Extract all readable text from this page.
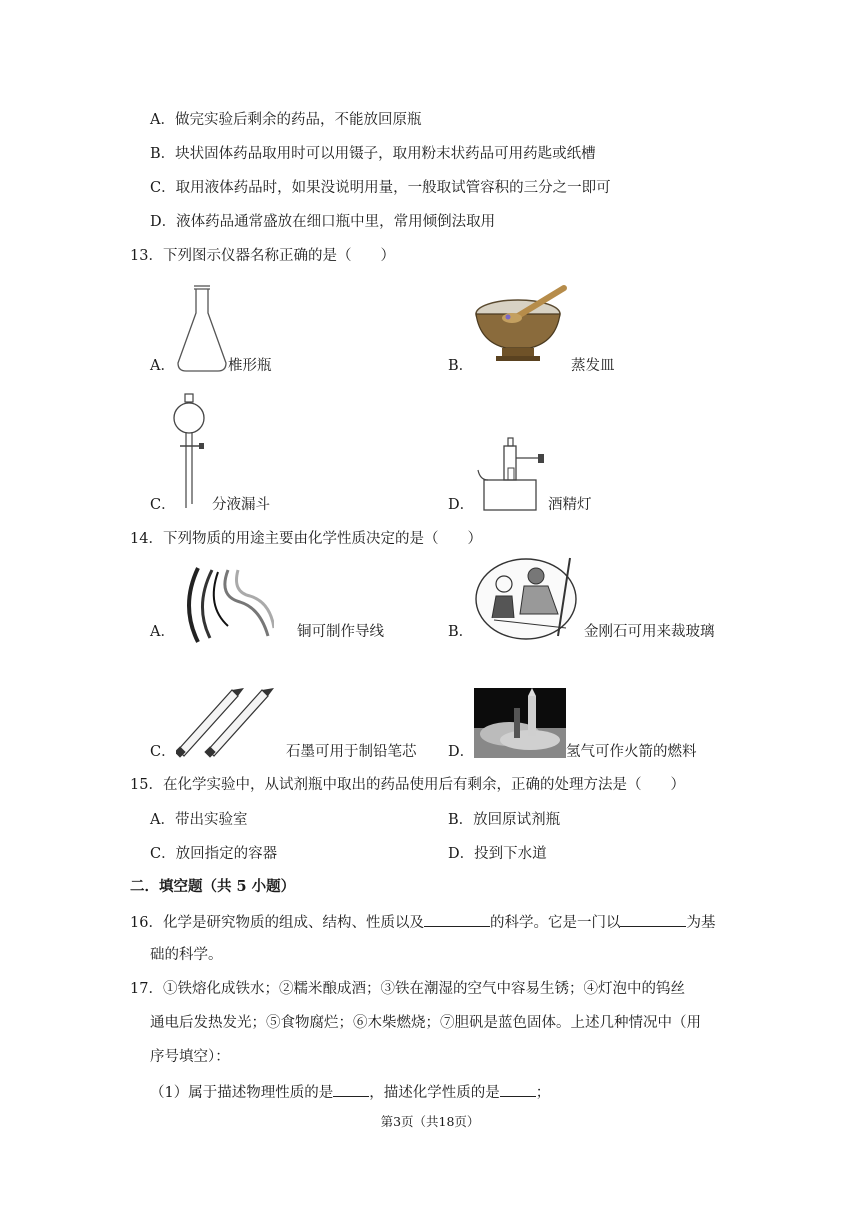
A．做完实验后剩余的药品，不能放回原瓶
B．块状固体药品取用时可以用镊子，取用粉末状药品可用药匙或纸槽
C．取用液体药品时，如果没说明用量，一般取试管容积的三分之一即可
D．液体药品通常盛放在细口瓶中里，常用倾倒法取用
13．下列图示仪器名称正确的是（　　）
A．	椎形瓶	B．	蒸发皿
C．	分液漏斗	D．	酒精灯
14．下列物质的用途主要由化学性质决定的是（　　）
A．	铜可制作导线	B．	金刚石可用来裁玻璃
C．	石墨可用于制铅笔芯 D．	氢气可作火箭的燃料
15．在化学实验中，从试剂瓶中取出的药品使用后有剩余，正确的处理方法是（　　）
A．带出实验室	B．放回原试剂瓶
C．放回指定的容器	D．投到下水道
二．填空题（共 5 小题）
16．化学是研究物质的组成、结构、性质以及	的科学。它是一门以	为基
础的科学。
17．①铁熔化成铁水；②糯米酿成酒；③铁在潮湿的空气中容易生锈；④灯泡中的钨丝
通电后发热发光；⑤食物腐烂；⑥木柴燃烧；⑦胆矾是蓝色固体。上述几种情况中（用
序号填空）：
（1）属于描述物理性质的是 ，描述化学性质的是 ；
第3页（共18页）
